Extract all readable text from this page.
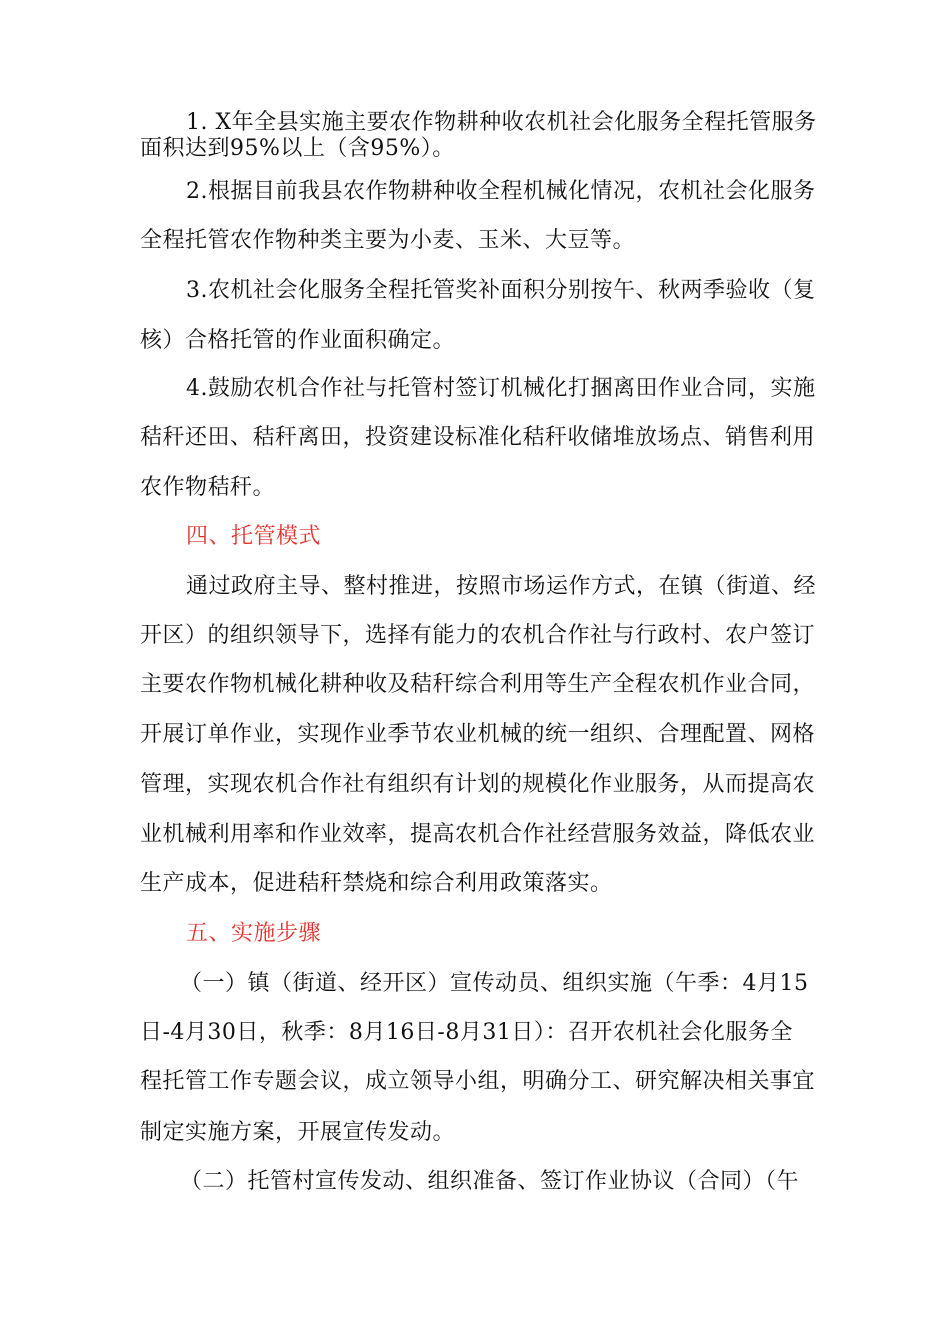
1. X年全县实施主要农作物耕种收农机社会化服务全程托管服务
面积达到95%以上（含95%）。
2.根据目前我县农作物耕种收全程机械化情况，农机社会化服务
全程托管农作物种类主要为小麦、玉米、大豆等。
3.农机社会化服务全程托管奖补面积分别按午、秋两季验收（复
核）合格托管的作业面积确定。
4.鼓励农机合作社与托管村签订机械化打捆离田作业合同，实施
秸秆还田、秸秆离田，投资建设标准化秸秆收储堆放场点、销售利用
农作物秸秆。
四、托管模式
通过政府主导、整村推进，按照市场运作方式，在镇（街道、经
开区）的组织领导下，选择有能力的农机合作社与行政村、农户签订
主要农作物机械化耕种收及秸秆综合利用等生产全程农机作业合同，
开展订单作业，实现作业季节农业机械的统一组织、合理配置、网格
管理，实现农机合作社有组织有计划的规模化作业服务，从而提高农
业机械利用率和作业效率，提高农机合作社经营服务效益，降低农业
生产成本，促进秸秆禁烧和综合利用政策落实。
五、实施步骤
（一）镇（街道、经开区）宣传动员、组织实施（午季：4月15
日-4月30日，秋季：8月16日-8月31日）：召开农机社会化服务全
程托管工作专题会议，成立领导小组，明确分工、研究解决相关事宜
制定实施方案，开展宣传发动。
（二）托管村宣传发动、组织准备、签订作业协议（合同）（午
